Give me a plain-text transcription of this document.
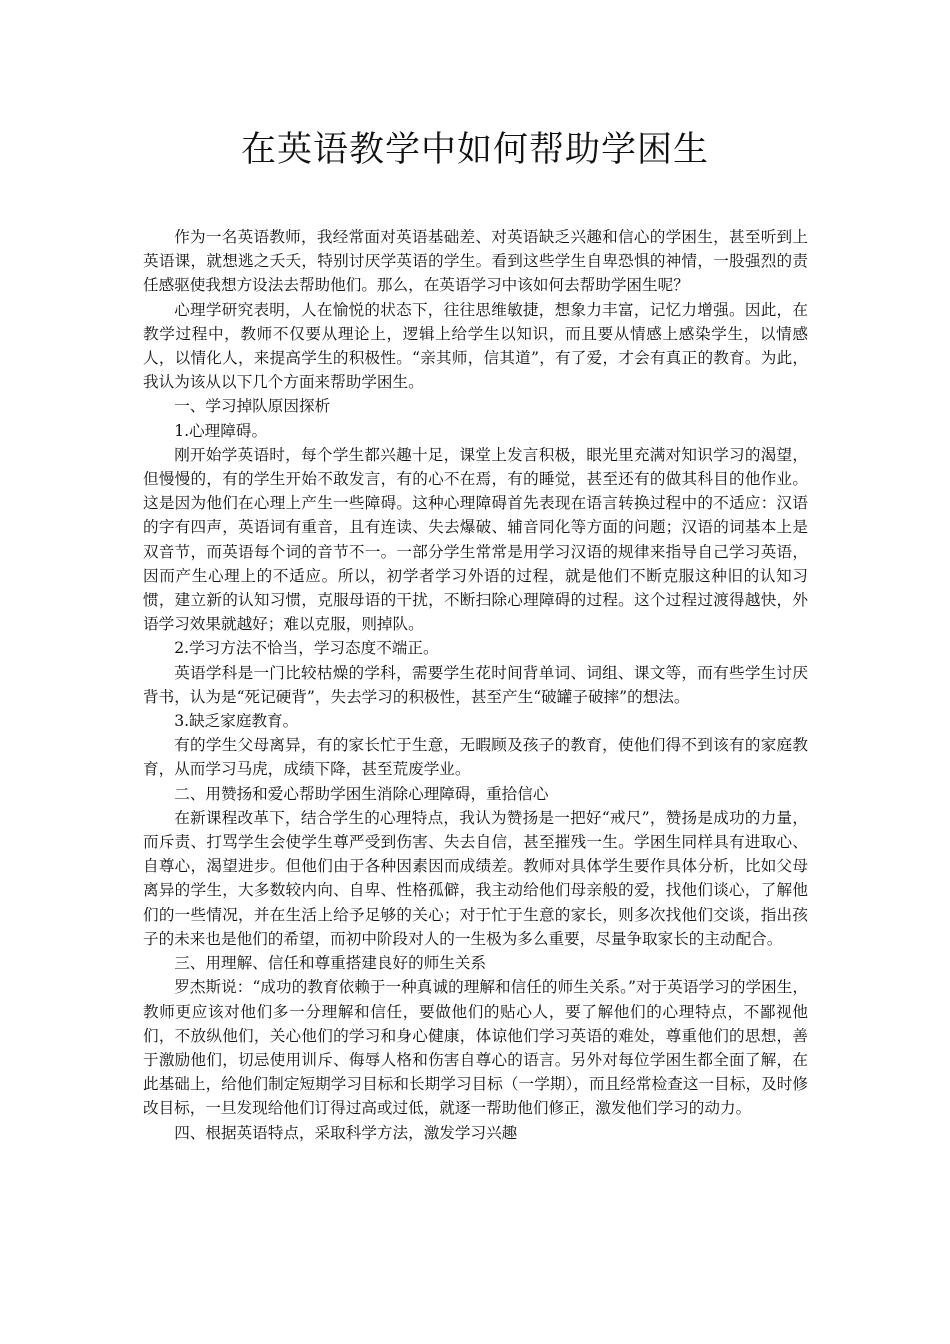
在英语教学中如何帮助学困生

作为一名英语教师，我经常面对英语基础差、对英语缺乏兴趣和信心的学困生，甚至听到上英语课，就想逃之夭夭，特别讨厌学英语的学生。看到这些学生自卑恐惧的神情，一股强烈的责任感驱使我想方设法去帮助他们。那么，在英语学习中该如何去帮助学困生呢？

心理学研究表明，人在愉悦的状态下，往往思维敏捷，想象力丰富，记忆力增强。因此，在教学过程中，教师不仅要从理论上，逻辑上给学生以知识，而且要从情感上感染学生，以情感人，以情化人，来提高学生的积极性。“亲其师，信其道”，有了爱，才会有真正的教育。为此，我认为该从以下几个方面来帮助学困生。

一、学习掉队原因探析

1.心理障碍。

刚开始学英语时，每个学生都兴趣十足，课堂上发言积极，眼光里充满对知识学习的渴望，但慢慢的，有的学生开始不敢发言，有的心不在焉，有的睡觉，甚至还有的做其科目的他作业。这是因为他们在心理上产生一些障碍。这种心理障碍首先表现在语言转换过程中的不适应：汉语的字有四声，英语词有重音，且有连读、失去爆破、辅音同化等方面的问题；汉语的词基本上是双音节，而英语每个词的音节不一。一部分学生常常是用学习汉语的规律来指导自己学习英语，因而产生心理上的不适应。所以，初学者学习外语的过程，就是他们不断克服这种旧的认知习惯，建立新的认知习惯，克服母语的干扰，不断扫除心理障碍的过程。这个过程过渡得越快，外语学习效果就越好；难以克服，则掉队。

2.学习方法不恰当，学习态度不端正。

英语学科是一门比较枯燥的学科，需要学生花时间背单词、词组、课文等，而有些学生讨厌背书，认为是“死记硬背”，失去学习的积极性，甚至产生“破罐子破摔”的想法。

3.缺乏家庭教育。

有的学生父母离异，有的家长忙于生意，无暇顾及孩子的教育，使他们得不到该有的家庭教育，从而学习马虎，成绩下降，甚至荒废学业。

二、用赞扬和爱心帮助学困生消除心理障碍，重拾信心

在新课程改革下，结合学生的心理特点，我认为赞扬是一把好“戒尺”，赞扬是成功的力量，而斥责、打骂学生会使学生尊严受到伤害、失去自信，甚至摧残一生。学困生同样具有进取心、自尊心，渴望进步。但他们由于各种因素因而成绩差。教师对具体学生要作具体分析，比如父母离异的学生，大多数较内向、自卑、性格孤僻，我主动给他们母亲般的爱，找他们谈心，了解他们的一些情况，并在生活上给予足够的关心；对于忙于生意的家长，则多次找他们交谈，指出孩子的未来也是他们的希望，而初中阶段对人的一生极为多么重要，尽量争取家长的主动配合。

三、用理解、信任和尊重搭建良好的师生关系

罗杰斯说：“成功的教育依赖于一种真诚的理解和信任的师生关系。”对于英语学习的学困生，教师更应该对他们多一分理解和信任，要做他们的贴心人，要了解他们的心理特点，不鄙视他们，不放纵他们，关心他们的学习和身心健康，体谅他们学习英语的难处，尊重他们的思想，善于激励他们，切忌使用训斥、侮辱人格和伤害自尊心的语言。另外对每位学困生都全面了解，在此基础上，给他们制定短期学习目标和长期学习目标（一学期），而且经常检查这一目标，及时修改目标，一旦发现给他们订得过高或过低，就逐一帮助他们修正，激发他们学习的动力。

四、根据英语特点，采取科学方法，激发学习兴趣
